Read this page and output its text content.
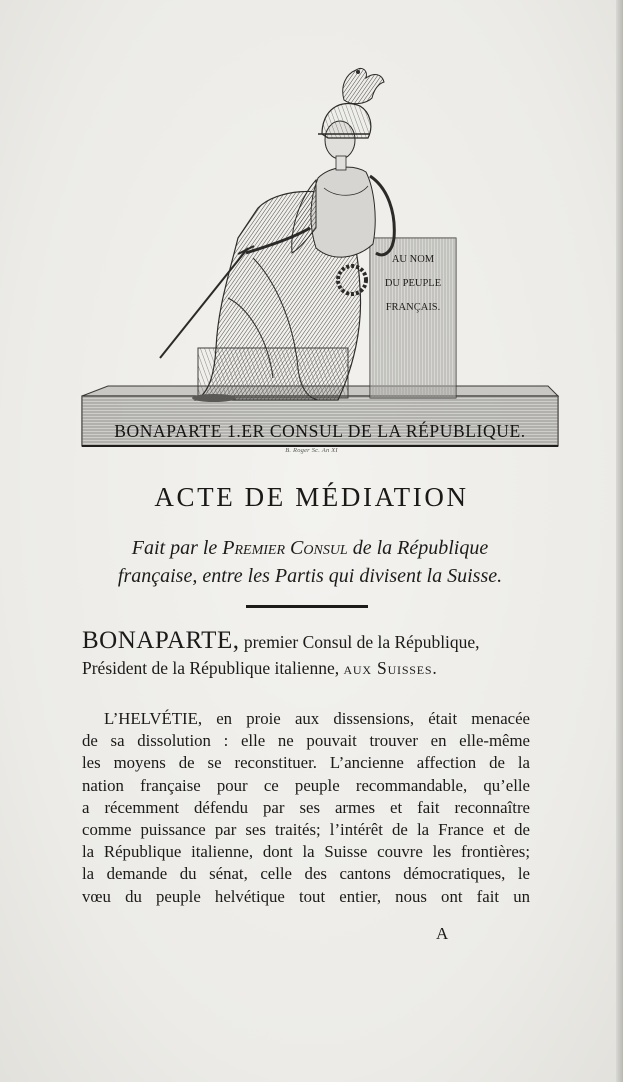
AU NOM
DU PEUPLE
FRANÇAIS.
BONAPARTE 1.ER CONSUL DE LA RÉPUBLIQUE.
B. Roger Sc. An XI
ACTE DE MÉDIATION
Fait par le Premier Consul de la République
française, entre les Partis qui divisent la Suisse.
BONAPARTE, premier Consul de la République,
Président de la République italienne, aux Suisses.
L’HELVÉTIE, en proie aux dissensions, était menacée
de sa dissolution : elle ne pouvait trouver en elle-même
les moyens de se reconstituer. L’ancienne affection de la
nation française pour ce peuple recommandable, qu’elle
a récemment défendu par ses armes et fait reconnaître
comme puissance par ses traités; l’intérêt de la France et de
la République italienne, dont la Suisse couvre les frontières;
la demande du sénat, celle des cantons démocratiques, le
vœu du peuple helvétique tout entier, nous ont fait un
A
